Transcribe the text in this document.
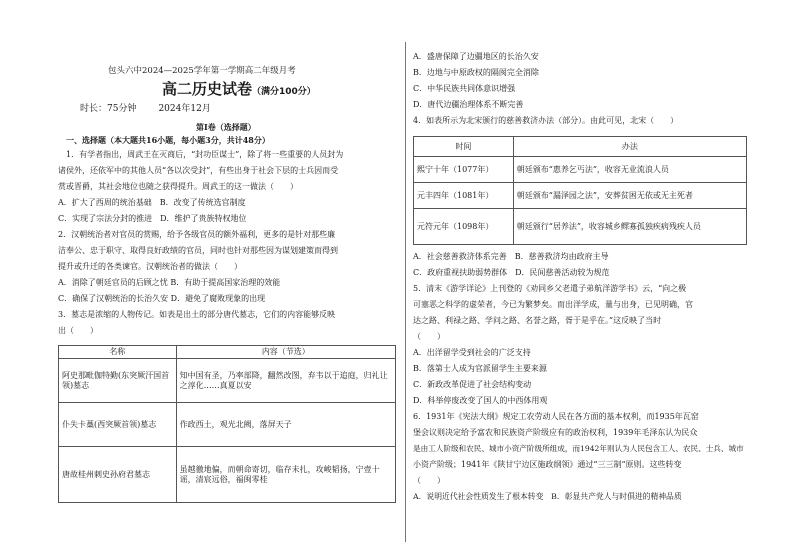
包头六中2024—2025学年第一学期高二年级月考
高二历史试卷（满分100分）
时长：75分钟 2024年12月
第Ⅰ卷（选择题）
一、选择题（本大题共16小题，每小题3分，共计48分）
1．有学者指出，周武王在灭商后，“封功臣谋士”，除了将一些重要的人员封为
诸侯外，还依军中的其他人员“各以次受封”，有些出身于社会下层的士兵因而受
赏或晋爵，其社会地位也随之获得提升。周武王的这一做法（　　）
A．扩大了西周的统治基础　B．改变了传统选官制度
C．实现了宗法分封的推进　D．维护了贵族特权地位
2．汉朝统治者对官员的赏赐，给予各级官员的额外福利，更多的是针对那些廉
洁奉公、忠于职守、取得良好政绩的官员，同时也针对那些因为谋划建策而得到
提升或升迁的各类谏官。汉朝统治者的做法（　　）
A．消除了朝廷官员的后顾之忧 B．有助于提高国家治理的效能
C．确保了汉朝统治的长治久安 D．避免了腐败现象的出现
3．墓志是浓缩的人物传记。如表是出土的部分唐代墓志，它们的内容能够反映
出（　　）
名称	内容（节选）
阿史那毗伽特勤(东突厥汗国首领)墓志	知中国有圣，乃率部降，翻然改图，弃韦以于追庭，归礼让之淳化……真夏以安
仆失卡藁(西突厥首领)墓志	作政西土，观光北阙，落屏天子
唐故桂州刺史孙府君墓志	虽越徼地偏，而朝命寄切，临存未扎，攻峻韬扬，宁壹十谣，清宸远俗，福闽零桂
A．盛唐保障了边疆地区的长治久安
B．边地与中原政权的隔阂完全消除
C．中华民族共同体意识增强
D．唐代边疆治理体系不断完善
4．如表所示为北宋颁行的慈善救济办法（部分）。由此可见，北宋（　　）
时间	办法
熙宁十年（1077年）	朝廷颁布“惠养乞丐法”，收容无业流浪人员
元丰四年（1081年）	朝廷颁布“漏泽园之法”，安葬贫困无依或无主死者
元符元年（1098年）	朝廷颁行“居养法”，收容城乡鳏寡孤独疾病残疾人员
A．社会慈善救济体系完善　B．慈善救济均由政府主导
C．政府重视扶助弱势群体　D．民间慈善活动较为规范
5．清末《游学详论》上刊登的《劝同乡父老遣子弟航洋游学书》云，“向之极
可塞恶之科学的虚荣者，今已为繁梦矣。而出洋学成，量与出身，已见明确，官
达之路、利禄之路、学问之路、名誉之路，胥于是乎在。”这反映了当时
（　　）
A．出洋留学受到社会的广泛支持
B．落第士人成为官派留学生主要来源
C．新政改革促进了社会结构变动
D．科举停废改变了国人的中西体用观
6．1931年《宪法大纲》规定工农劳动人民在各方面的基本权利，而1935年瓦窑
堡会议则决定给予富农和民族资产阶级应有的政治权利，1939年毛泽东认为民众
是由工人阶级和农民、城市小资产阶级所组成，而1942年则认为人民包含工人、农民、士兵、城市
小资产阶级；1941年《陕甘宁边区施政纲领》通过“三三制”原则。这些转变
（　　）
A．说明近代社会性质发生了根本转变　B．彰显共产党人与时俱进的精神品质
